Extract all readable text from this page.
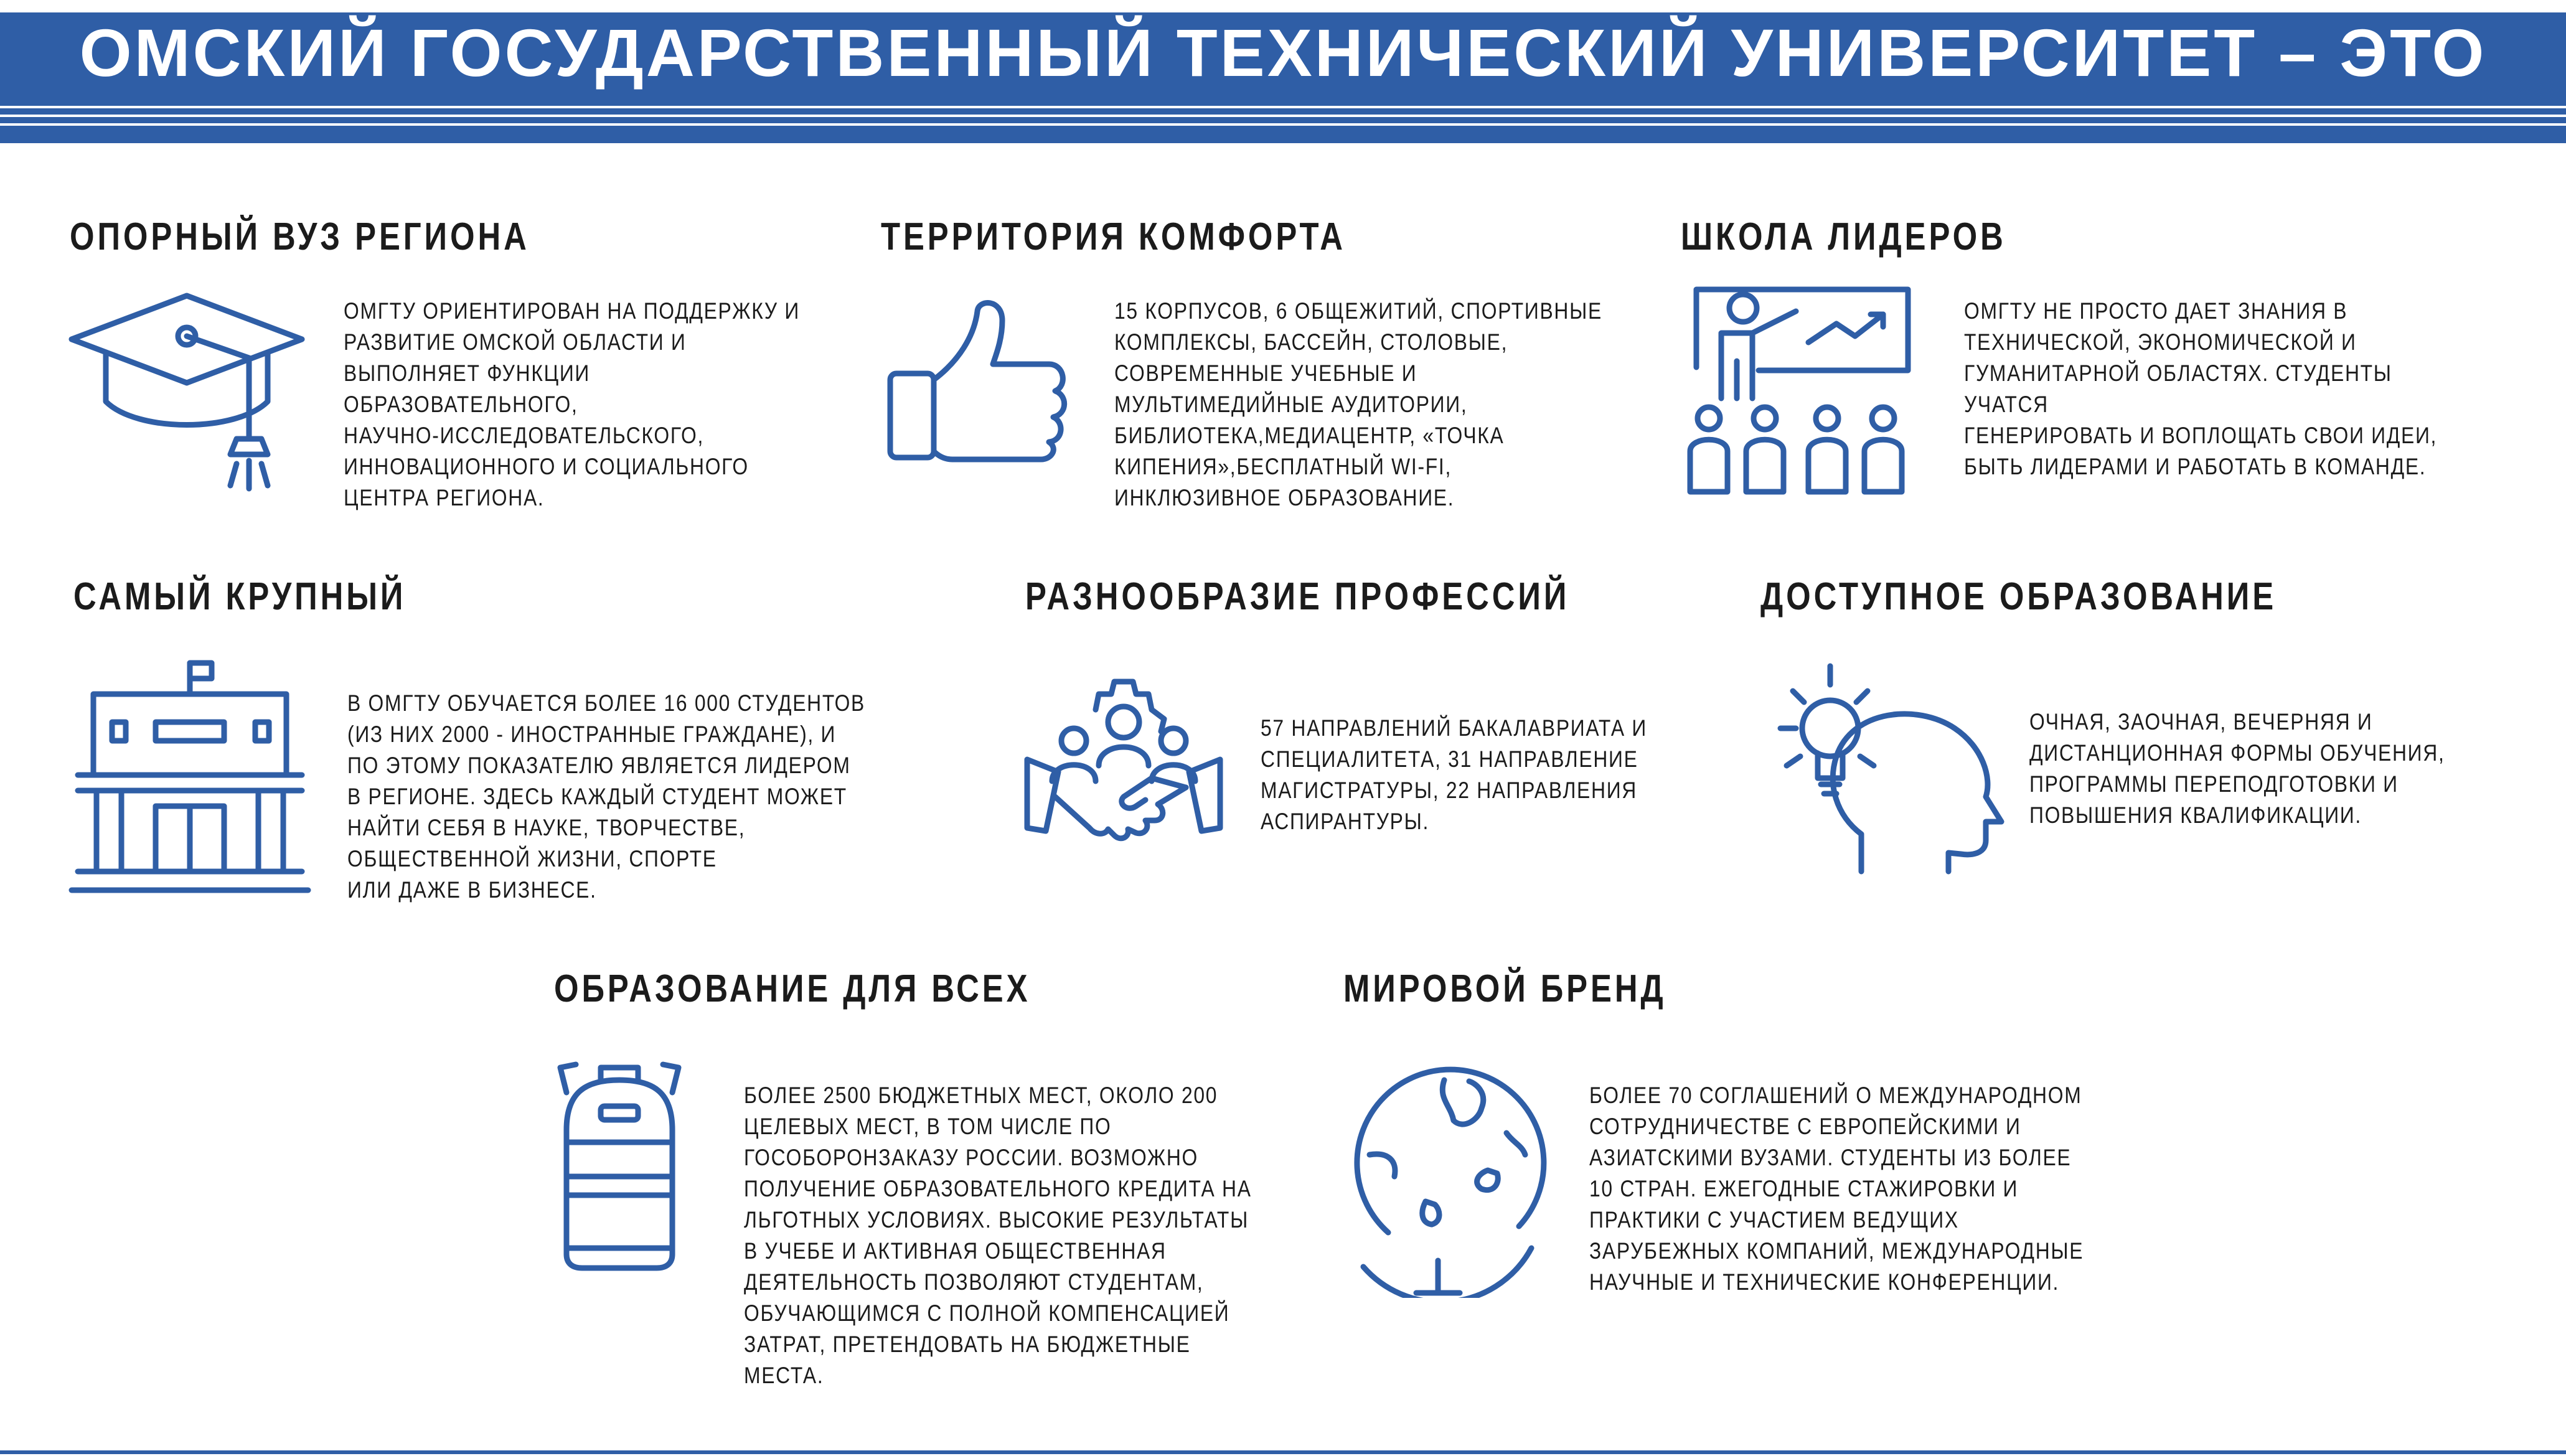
ОМСКИЙ ГОСУДАРСТВЕННЫЙ ТЕХНИЧЕСКИЙ УНИВЕРСИТЕТ – ЭТО
ОПОРНЫЙ ВУЗ РЕГИОНА
ОМГТУ ОРИЕНТИРОВАН НА ПОДДЕРЖКУ И
РАЗВИТИЕ ОМСКОЙ ОБЛАСТИ И
ВЫПОЛНЯЕТ ФУНКЦИИ
ОБРАЗОВАТЕЛЬНОГО,
НАУЧНО-ИССЛЕДОВАТЕЛЬСКОГО,
ИННОВАЦИОННОГО И СОЦИАЛЬНОГО
ЦЕНТРА РЕГИОНА.
ТЕРРИТОРИЯ КОМФОРТА
15 КОРПУСОВ, 6 ОБЩЕЖИТИЙ, СПОРТИВНЫЕ
КОМПЛЕКСЫ, БАССЕЙН, СТОЛОВЫЕ,
СОВРЕМЕННЫЕ УЧЕБНЫЕ И
МУЛЬТИМЕДИЙНЫЕ АУДИТОРИИ,
БИБЛИОТЕКА,МЕДИАЦЕНТР, «ТОЧКА
КИПЕНИЯ»,БЕСПЛАТНЫЙ WI-FI,
ИНКЛЮЗИВНОЕ ОБРАЗОВАНИЕ.
ШКОЛА ЛИДЕРОВ
ОМГТУ НЕ ПРОСТО ДАЕТ ЗНАНИЯ В
ТЕХНИЧЕСКОЙ, ЭКОНОМИЧЕСКОЙ И
ГУМАНИТАРНОЙ ОБЛАСТЯХ. СТУДЕНТЫ УЧАТСЯ
ГЕНЕРИРОВАТЬ И ВОПЛОЩАТЬ СВОИ ИДЕИ,
БЫТЬ ЛИДЕРАМИ И РАБОТАТЬ В КОМАНДЕ.
САМЫЙ КРУПНЫЙ
В ОМГТУ ОБУЧАЕТСЯ БОЛЕЕ 16 000 СТУДЕНТОВ
(ИЗ НИХ 2000 - ИНОСТРАННЫЕ ГРАЖДАНЕ), И
ПО ЭТОМУ ПОКАЗАТЕЛЮ ЯВЛЯЕТСЯ ЛИДЕРОМ
В РЕГИОНЕ. ЗДЕСЬ КАЖДЫЙ СТУДЕНТ МОЖЕТ
НАЙТИ СЕБЯ В НАУКЕ, ТВОРЧЕСТВЕ,
ОБЩЕСТВЕННОЙ ЖИЗНИ, СПОРТЕ
ИЛИ ДАЖЕ В БИЗНЕСЕ.
РАЗНООБРАЗИЕ ПРОФЕССИЙ
57 НАПРАВЛЕНИЙ БАКАЛАВРИАТА И
СПЕЦИАЛИТЕТА, 31 НАПРАВЛЕНИЕ
МАГИСТРАТУРЫ, 22 НАПРАВЛЕНИЯ
АСПИРАНТУРЫ.
ДОСТУПНОЕ ОБРАЗОВАНИЕ
ОЧНАЯ, ЗАОЧНАЯ, ВЕЧЕРНЯЯ И
ДИСТАНЦИОННАЯ ФОРМЫ ОБУЧЕНИЯ,
ПРОГРАММЫ ПЕРЕПОДГОТОВКИ И
ПОВЫШЕНИЯ КВАЛИФИКАЦИИ.
ОБРАЗОВАНИЕ ДЛЯ ВСЕХ
БОЛЕЕ 2500 БЮДЖЕТНЫХ МЕСТ, ОКОЛО 200
ЦЕЛЕВЫХ МЕСТ, В ТОМ ЧИСЛЕ ПО
ГОСОБОРОНЗАКАЗУ РОССИИ. ВОЗМОЖНО
ПОЛУЧЕНИЕ ОБРАЗОВАТЕЛЬНОГО КРЕДИТА НА
ЛЬГОТНЫХ УСЛОВИЯХ. ВЫСОКИЕ РЕЗУЛЬТАТЫ
В УЧЕБЕ И АКТИВНАЯ ОБЩЕСТВЕННАЯ
ДЕЯТЕЛЬНОСТЬ ПОЗВОЛЯЮТ СТУДЕНТАМ,
ОБУЧАЮЩИМСЯ С ПОЛНОЙ КОМПЕНСАЦИЕЙ
ЗАТРАТ, ПРЕТЕНДОВАТЬ НА БЮДЖЕТНЫЕ
МЕСТА.
МИРОВОЙ БРЕНД
БОЛЕЕ 70 СОГЛАШЕНИЙ О МЕЖДУНАРОДНОМ
СОТРУДНИЧЕСТВЕ С ЕВРОПЕЙСКИМИ И
АЗИАТСКИМИ ВУЗАМИ. СТУДЕНТЫ ИЗ БОЛЕЕ
10 СТРАН. ЕЖЕГОДНЫЕ СТАЖИРОВКИ И
ПРАКТИКИ С УЧАСТИЕМ ВЕДУЩИХ
ЗАРУБЕЖНЫХ КОМПАНИЙ, МЕЖДУНАРОДНЫЕ
НАУЧНЫЕ И ТЕХНИЧЕСКИЕ КОНФЕРЕНЦИИ.
